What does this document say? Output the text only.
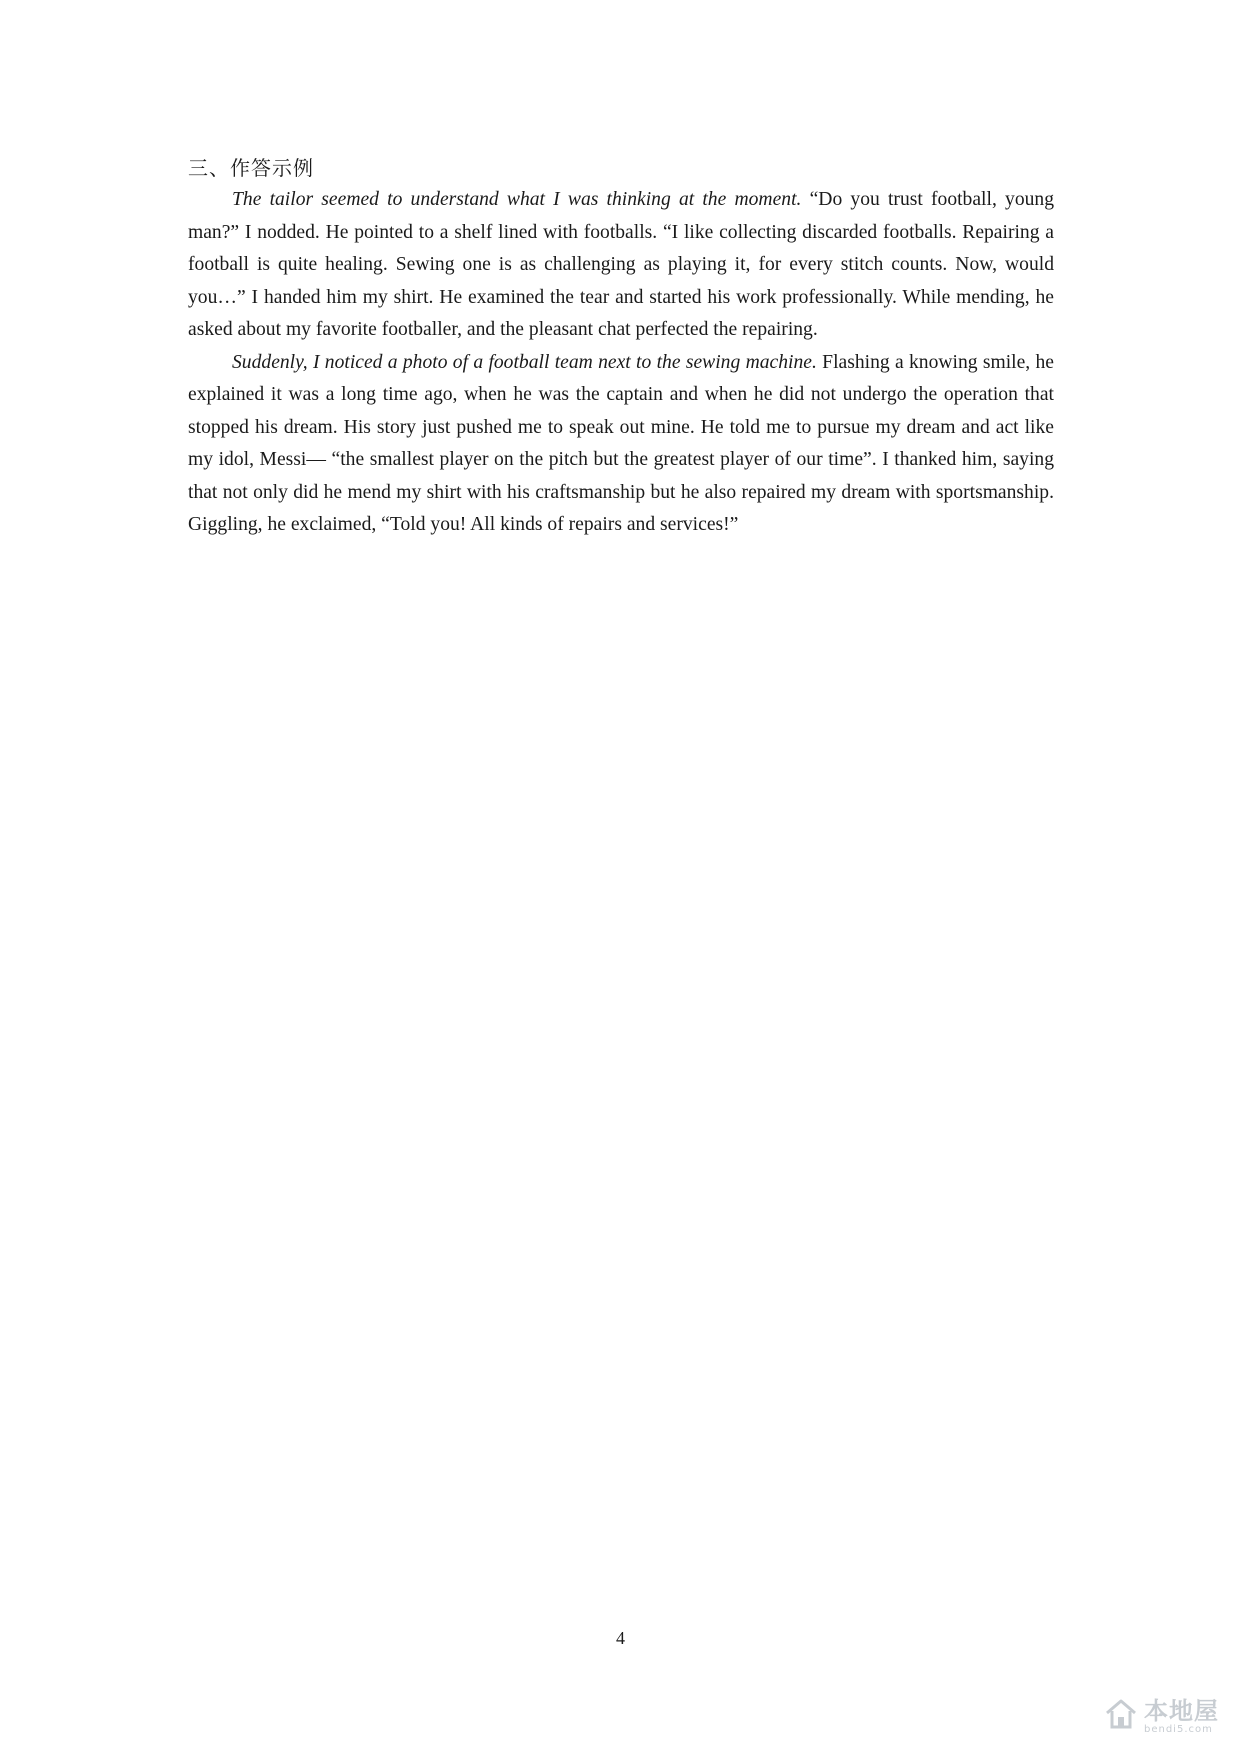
三、作答示例

The tailor seemed to understand what I was thinking at the moment. “Do you trust football, young man?” I nodded. He pointed to a shelf lined with footballs. “I like collecting discarded footballs. Repairing a football is quite healing. Sewing one is as challenging as playing it, for every stitch counts. Now, would you…” I handed him my shirt. He examined the tear and started his work professionally. While mending, he asked about my favorite footballer, and the pleasant chat perfected the repairing.

Suddenly, I noticed a photo of a football team next to the sewing machine. Flashing a knowing smile, he explained it was a long time ago, when he was the captain and when he did not undergo the operation that stopped his dream. His story just pushed me to speak out mine. He told me to pursue my dream and act like my idol, Messi— “the smallest player on the pitch but the greatest player of our time”. I thanked him, saying that not only did he mend my shirt with his craftsmanship but he also repaired my dream with sportsmanship. Giggling, he exclaimed, “Told you! All kinds of repairs and services!”

4
本地屋
bendi5.com
